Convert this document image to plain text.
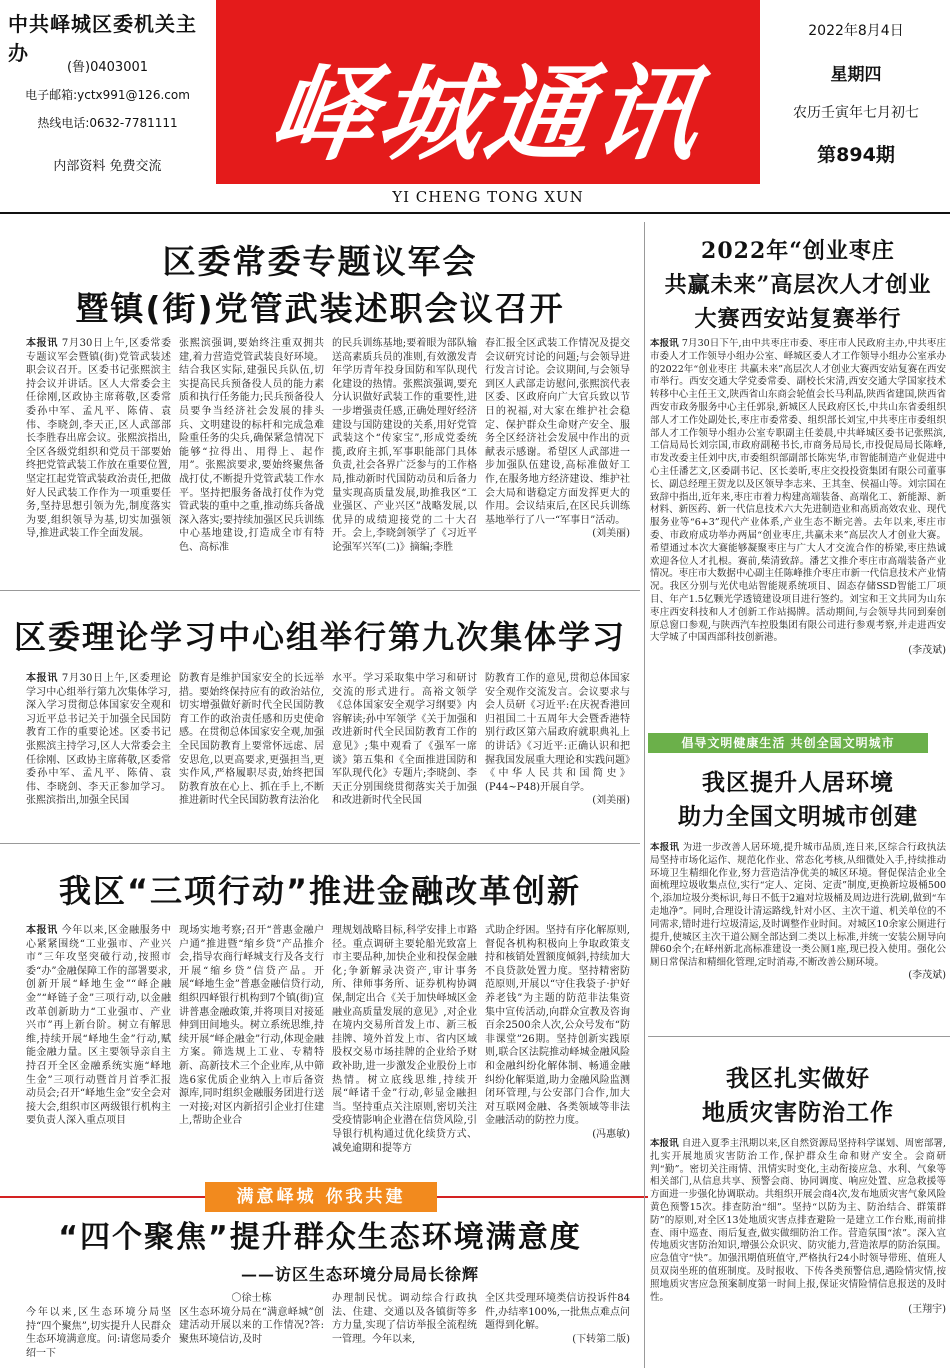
中共峄城区委机关主办
(鲁)0403001
电子邮箱:yctx991@126.com
热线电话:0632-7781111
内部资料 免费交流 峄城通讯
YI CHENG TONG XUN
2022年8月4日
星期四
农历壬寅年七月初七
第894期
区委常委专题议军会
暨镇(街)党管武装述职会议召开
本报讯 7月30日上午,区委常委专题议军会暨镇(街)党管武装述职会议召开。区委书记张熙滨主持会议并讲话。区人大常委会主任徐刚,区政协主席蒋敬,区委常委孙中军、孟凡平、陈倩、袁伟、李晓剑,李天正,区人武部部长李胜春出席会议。张熙滨指出,全区各级党组织和党员干部要始终把党管武装工作放在重要位置,坚定扛起党管武装政治责任,把做好人民武装工作作为一项重要任务,坚持思想引领为先,制度落实为要,组织领导为基,切实加强领导,推进武装工作全面发展。
张熙滨强调,要始终注重双拥共建,着力营造党管武装良好环境。结合我区实际,建强民兵队伍,切实提高民兵预备役人员的能力素质和执行任务能力;民兵预备役人员要争当经济社会发展的排头兵、文明建设的标杆和完成急难险重任务的尖兵,确保紧急情况下能够“拉得出、用得上、起作用”。张熙滨要求,要始终聚焦备战打仗,不断提升党管武装工作水平。坚持把服务备战打仗作为党管武装的重中之重,推动练兵备战深入落实;要持续加强区民兵训练中心基地建设,打造成全市有特色、高标准
的民兵训练基地;要着眼为部队输送高素质兵员的准则,有效激发青年学历青年投身国防和军队现代化建设的热情。张熙滨强调,要充分认识做好武装工作的重要性,进一步增强责任感,正确处理好经济建设与国防建设的关系,用好党管武装这个“传家宝”,形成党委统揽,政府主抓,军事职能部门具体负责,社会各界广泛参与的工作格局,推动新时代国防动员和后备力量实现高质量发展,助推我区“工业强区、产业兴区”战略发展,以优异的成绩迎接党的二十大召开。会上,李晓剑领学了《习近平论强军兴军(二)》摘编;李胜
春汇报全区武装工作情况及提交会议研究讨论的问题;与会领导进行发言讨论。会议期间,与会领导到区人武部走访慰问,张熙滨代表区委、区政府向广大官兵致以节日的祝福,对大家在维护社会稳定、保护群众生命财产安全、服务全区经济社会发展中作出的贡献表示感谢。希望区人武部进一步加强队伍建设,高标准做好工作,在服务地方经济建设、维护社会大局和谐稳定方面发挥更大的作用。会议结束后,在区民兵训练基地举行了八一“军事日”活动。
(刘美丽)
区委理论学习中心组举行第九次集体学习
本报讯 7月30日上午,区委理论学习中心组举行第九次集体学习,深入学习贯彻总体国家安全观和习近平总书记关于加强全民国防教育工作的重要论述。区委书记张熙滨主持学习,区人大常委会主任徐刚、区政协主席蒋敬,区委常委孙中军、孟凡平、陈倩、袁伟、李晓剑、李天正参加学习。张熙滨指出,加强全民国
防教育是维护国家安全的长远举措。要始终保持应有的政治站位,切实增强做好新时代全民国防教育工作的政治责任感和历史使命感。在贯彻总体国家安全观,加强全民国防教育上要常怀远虑、居安思危,以更高要求,更强担当,更实作风,严格履职尽责,始终把国防教育放在心上、抓在手上,不断推进新时代全民国防教育法治化
水平。学习采取集中学习和研讨交流的形式进行。高裕文领学《总体国家安全观学习纲要》内容解读;孙中军领学《关于加强和改进新时代全民国防教育工作的意见》;集中观看了《强军一席谈》第五集和《全面推进国防和军队现代化》专题片;李晓剑、李天正分别围绕贯彻落实关于加强和改进新时代全民国
防教育工作的意见,贯彻总体国家安全观作交流发言。会议要求与会人员研《习近平:在庆祝香港回归祖国二十五周年大会暨香港特别行政区第六届政府就职典礼上的讲话》《习近平:正确认识和把握我国发展重大理论和实践问题》《中华人民共和国简史》(P44~P48)开展自学。
(刘美丽)
我区“三项行动”推进金融改革创新
本报讯 今年以来,区金融服务中心紧紧围绕“工业强市、产业兴市”三年攻坚突破行动,按照市委“办”金融保障工作的部署要求,创新开展“峄地生金”“峄企融金”“峄链子金”三项行动,以金融改革创新助力“工业强市、产业兴市”再上新台阶。树立有解思维,持续开展“峄地生金”行动,赋能金融力量。区主要领导亲自主持召开全区金融系统实施“峄地生金”三项行动暨首月首季汇报动员会;召开“峄地生金”安全会对接大会,组织市区两级银行机构主要负责人深入重点项目
现场实地考察;召开“普惠金融户户通”推进暨“缩乡贷”产品推介会,指导农商行峄城支行及各支行开展“缩乡贷”信贷产品。开展“峄地生金”普惠金融信贷行动,组织四峄银行机构到7个镇(街)宣讲普惠金融政策,并将项目对接延伸到田间地头。树立系统思维,持续开展“峄企融金”行动,体现金融方案。筛选规上工业、专精特新、高新技术三个企业库,从中筛选6家优质企业纳入上市后备资源库,同时组织金融服务团进行送一对接;对区内新招引企业打住建上,帮助企业合
理规划战略目标,科学安排上市路径。重点调研主要轮船光致富上市主要品种,加快企业和投保金融化;争新解录决资产,审计事务所、律师事务所、证券机构协调保,制定出合《关于加快峄城区金融业高质量发展的意见》,对企业在境内交易所首发上市、新三板挂牌、境外首发上市、省内区域股权交易市场挂牌的企业给予财政补助,进一步激发企业股份上市热情。树立底线思维,持续开展“峄诸千金”行动,彰显金融担当。坚持重点关注原则,密切关注受疫情影响企业潜在信贷风险,引导银行机构通过优化续贷方式、减免逾期和提等方
式助企纾困。坚持有序化解原则,督促各机构积极向上争取政策支持和核销处置额度倾斜,持续加大不良贷款处置力度。坚持精密防范原则,开展以“守住我袋子·护好养老钱”为主题的防范非法集资集中宣传活动,向群众宣教及咨询百余2500余人次,公众号发布“防非课堂”26期。坚持创新实践原则,联合区法院推动峄城金融风险和金融纠纷化解体制、畅通金融纠纷化解渠道,助力金融风险监测闭环管理,与公安部门合作,加大对互联网金融、各类领域等非法金融活动的防控力度。
(冯惠敏)
满意峄城 你我共建
“四个聚焦”提升群众生态环境满意度
——访区生态环境分局局长徐辉
今年以来,区生态环境分局坚持“四个聚焦”,切实提升人民群众生态环境满意度。问:请您局委介绍一下
〇徐士栋
区生态环境分局在“满意峄城”创建活动开展以来的工作情况?答:聚焦环境信访,及时
办理制民忧。调动综合行政执法、住建、交通以及各镇街等多方力量,实现了信访举报全流程统一管理。今年以来,
全区共受理环境类信访投诉件84件,办结率100%,一批焦点难点问题得到化解。
(下转第二版)
2022年“创业枣庄
共赢未来”高层次人才创业
大赛西安站复赛举行
本报讯 7月30日下午,由中共枣庄市委、枣庄市人民政府主办,中共枣庄市委人才工作领导小组办公室、峄城区委人才工作领导小组办公室承办的2022年“创业枣庄 共赢未来”高层次人才创业大赛西安站复赛在西安市举行。西安交通大学党委常委、副校长宋清,西安交通大学国家技术转移中心主任王文,陕西省山东商会轮值会长马利晶,陕西省建国,陕西省西安市政务服务中心主任郭泉,新城区人民政府区长,中共山东省委组织部人才工作处副处长,枣庄市委常委、组织部长刘宝,中共枣庄市委组织部人才工作领导小组办公室专职副主任姜晨,中共峄城区委书记张熙滨,工信局局长刘宗国,市政府副秘书长,市商务局局长,市投促局局长陈峰,市发改委主任刘中庆,市委组织部副部长陈宪华,市智能制造产业促进中心主任潘艺文,区委副书记、区长姜昕,枣庄交投投资集团有限公司董事长、副总经理王贺龙以及区领导李志来、王其奎、侯福山等。刘宗国在致辞中指出,近年来,枣庄市着力构建高端装备、高端化工、新能源、新材料、新医药、新一代信息技术六大先进制造业和高质高效农业、现代服务业等“6+3”现代产业体系,产业生态不断完善。去年以来,枣庄市委、市政府成功举办两届“创业枣庄,共赢未来”高层次人才创业大赛。希望通过本次大赛能够凝聚枣庄与广大人才交流合作的桥梁,枣庄热诚欢迎各位人才扎根。赛前,柴清致辞。潘艺文推介枣庄市高端装备产业情况。枣庄市大数据中心副主任陈峰推介枣庄市新一代信息技术产业情况。我区分别与光伏电站智能规系统项目、固态存储SSD智能工厂项目、年产1.5亿颗光学透镜建设项目进行签约。刘宝和王文共同为山东枣庄西安科技和人才创新工作站揭牌。活动期间,与会领导共同到秦创原总窗口参观,与陕西汽车控股集团有限公司进行参观考察,并走进西安大学城了中国西部科技创新港。
(李茂斌)
倡导文明健康生活 共创全国文明城市
我区提升人居环境
助力全国文明城市创建
本报讯 为进一步改善人居环境,提升城市品质,连日来,区综合行政执法局坚持市场化运作、规范化作业、常态化考核,从细微处入手,持续推动环境卫生精细化作业,努力营造洁净优美的城区环境。督促保洁企业全面梳理垃圾收集点位,实行“定人、定岗、定责”制度,更换新垃圾桶500个,添加垃圾分类标识,每日不低于2遍对垃圾桶及周边进行洗刷,做到“车走地净”。同时,合理设计清运路线,针对小区、主次干道、机关单位的不同需求,错时进行垃圾清运,及时调整作业时间。对城区10余家公厕进行提升,使城区主次干道公厕全部达到二类以上标准,并统一安装公厕导向牌60余个;在峄州新北高标准建设一类公厕1座,现已投入使用。强化公厕日常保洁和精细化管理,定时消毒,不断改善公厕环境。
(李茂斌)
我区扎实做好
地质灾害防治工作
本报讯 自进入夏季主汛期以来,区自然资源局坚持科学谋划、周密部署,扎实开展地质灾害防治工作,保护群众生命和财产安全。会商研判“勤”。密切关注雨情、汛情实时变化,主动衔接应急、水利、气象等相关部门,从信息共享、预警会商、协同调度、响应处置、应急救援等方面进一步强化协调联动。共组织开展会商4次,发布地质灾害气象风险黄色预警15次。排查防治“细”。坚持“以防为主、防治结合、群策群防”的原则,对全区13处地质灾害点排查避险一是建立工作台账,雨前排查、雨中巡查、雨后复查,做实做细防治工作。营造氛围“浓”。深入宣传地质灾害防治知识,增强公众识灾、防灾能力,营造浓厚的防治氛围。应急值守“快”。加强汛期值班值守,严格执行24小时领导带班、值班人员双岗坐班的值班制度。及时报收、下传各类预警信息,遇险情灾情,按照地质灾害应急预案制度第一时间上报,保证灾情险情信息报送的及时性。
(王翔宇)
